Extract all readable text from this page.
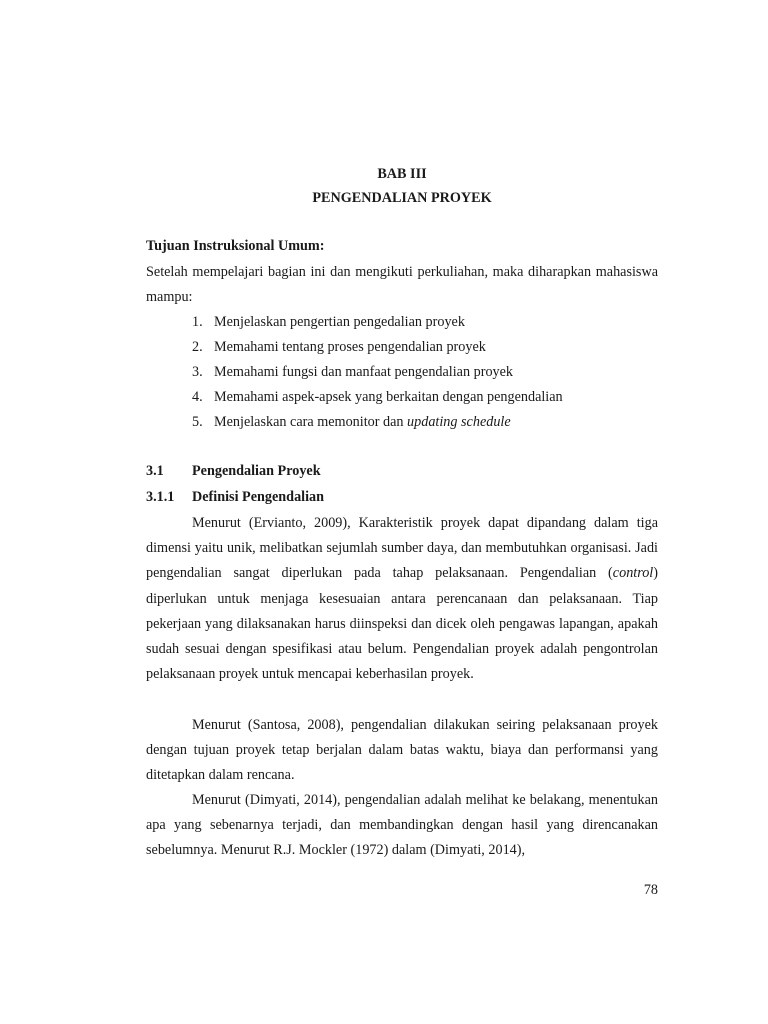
BAB III
PENGENDALIAN PROYEK
Tujuan Instruksional Umum:

Setelah mempelajari bagian ini dan mengikuti perkuliahan, maka diharapkan mahasiswa mampu:

1. Menjelaskan pengertian pengedalian proyek
2. Memahami tentang proses pengendalian proyek
3. Memahami fungsi dan manfaat pengendalian proyek
4. Memahami aspek-apsek yang berkaitan dengan pengendalian
5. Menjelaskan cara memonitor dan updating schedule
3.1 Pengendalian Proyek
3.1.1 Definisi Pengendalian

Menurut (Ervianto, 2009), Karakteristik proyek dapat dipandang dalam tiga dimensi yaitu unik, melibatkan sejumlah sumber daya, dan membutuhkan organisasi. Jadi pengendalian sangat diperlukan pada tahap pelaksanaan. Pengendalian (control) diperlukan untuk menjaga kesesuaian antara perencanaan dan pelaksanaan. Tiap pekerjaan yang dilaksanakan harus diinspeksi dan dicek oleh pengawas lapangan, apakah sudah sesuai dengan spesifikasi atau belum. Pengendalian proyek adalah pengontrolan pelaksanaan proyek untuk mencapai keberhasilan proyek.

Menurut (Santosa, 2008), pengendalian dilakukan seiring pelaksanaan proyek dengan tujuan proyek tetap berjalan dalam batas waktu, biaya dan performansi yang ditetapkan dalam rencana.

Menurut (Dimyati, 2014), pengendalian adalah melihat ke belakang, menentukan apa yang sebenarnya terjadi, dan membandingkan dengan hasil yang direncanakan sebelumnya. Menurut R.J. Mockler (1972) dalam (Dimyati, 2014),

78
